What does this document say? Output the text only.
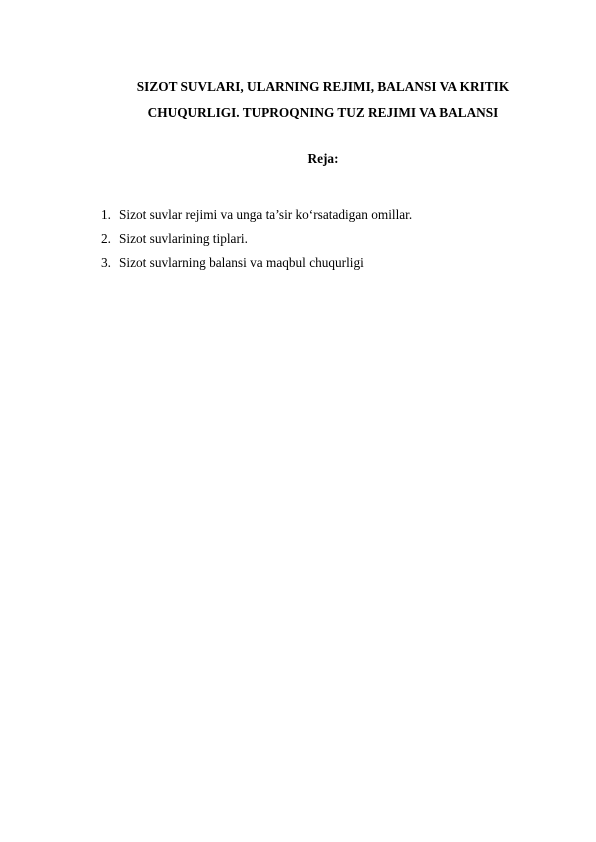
SIZOT SUVLARI, ULARNING REJIMI, BALANSI VA KRITIK
CHUQURLIGI. TUPROQNING TUZ REJIMI VA BALANSI
Reja:
1. Sizot suvlar rejimi va unga ta’sir ko‘rsatadigan omillar.
2. Sizot suvlarining tiplari.
3. Sizot suvlarning balansi va maqbul chuqurligi
